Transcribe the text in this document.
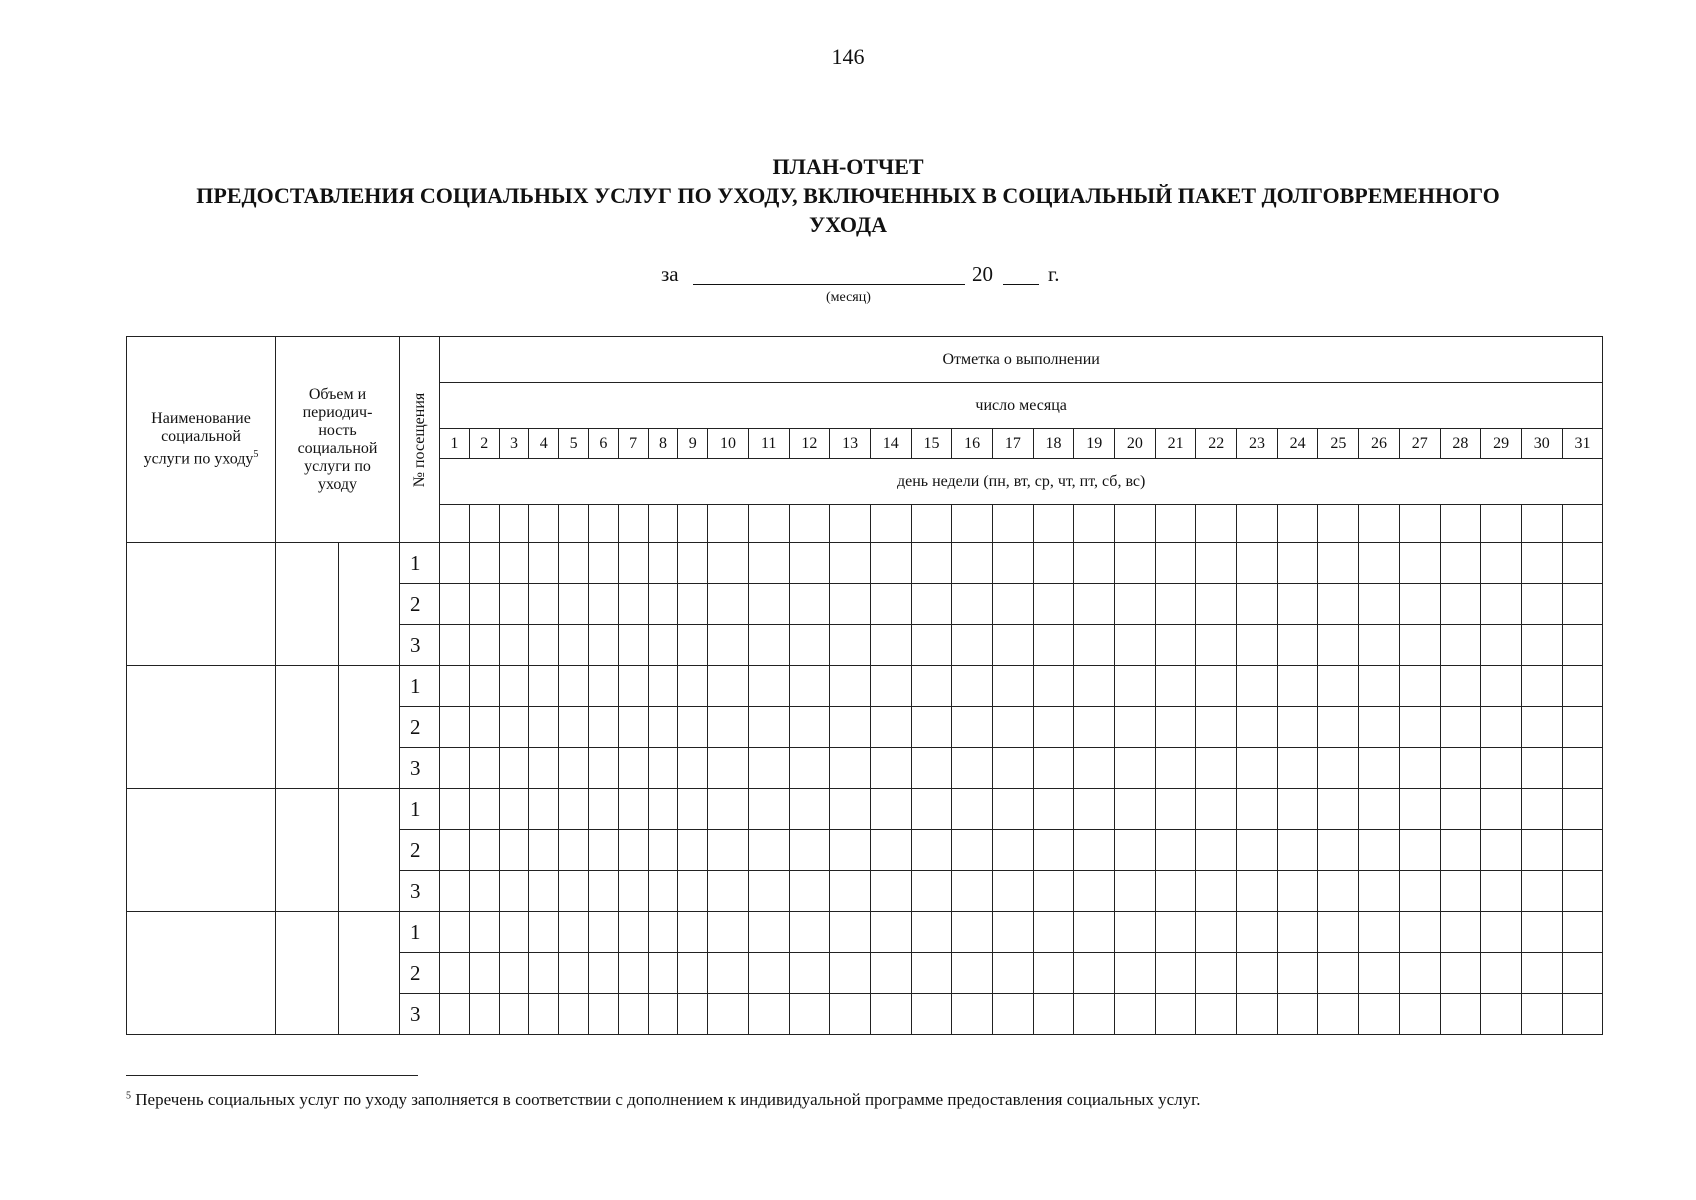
146
ПЛАН-ОТЧЕТ
ПРЕДОСТАВЛЕНИЯ СОЦИАЛЬНЫХ УСЛУГ ПО УХОДУ, ВКЛЮЧЕННЫХ В СОЦИАЛЬНЫЙ ПАКЕТ ДОЛГОВРЕМЕННОГО
УХОДА
за	20	г.
(месяц)
Наименование социальной услуги по уходу$^5$	Объем и периодич-ность социальной услуги по уходу		№ посещения	Отметка о выполнении																														
				число месяца																														
				1	2	3	4	5	6	7	8	9	10	11	12	13	14	15	16	17	18	19	20	21	22	23	24	25	26	27	28	29	30	31
				день недели (пн, вт, ср, чт, пт, сб, вс)																														

			1																															
			2																															
			3																															
			1																															
			2																															
			3																															
			1																															
			2																															
			3																															
			1																															
			2																															
			3																															
$^5$ Перечень социальных услуг по уходу заполняется в соответствии с дополнением к индивидуальной программе предоставления социальных услуг.
